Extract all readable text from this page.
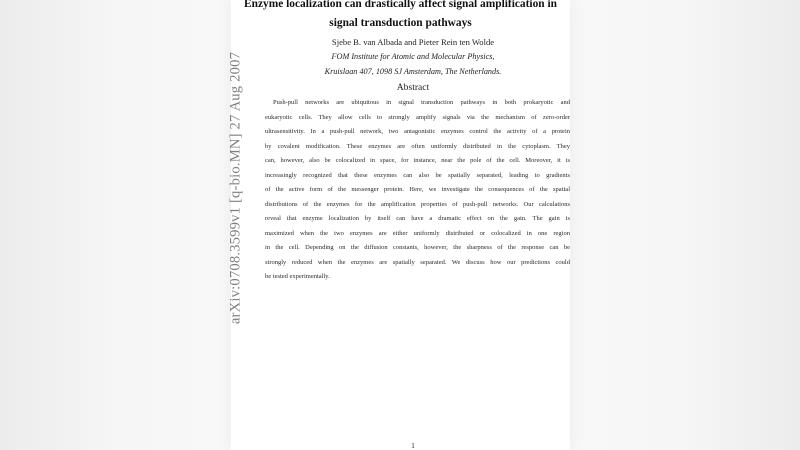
arXiv:0708.3599v1 [q-bio.MN] 27 Aug 2007
Enzyme localization can drastically affect signal amplification in
signal transduction pathways
Sjebe B. van Albada and Pieter Rein ten Wolde
FOM Institute for Atomic and Molecular Physics,
Kruislaan 407, 1098 SJ Amsterdam, The Netherlands.
Abstract
Push-pull networks are ubiquitous in signal transduction pathways in both prokaryotic and
eukaryotic cells. They allow cells to strongly amplify signals via the mechanism of zero-order
ultrasensitivity. In a push-pull network, two antagonistic enzymes control the activity of a protein
by covalent modification. These enzymes are often uniformly distributed in the cytoplasm. They
can, however, also be colocalized in space, for instance, near the pole of the cell. Moreover, it is
increasingly recognized that these enzymes can also be spatially separated, leading to gradients
of the active form of the messenger protein. Here, we investigate the consequences of the spatial
distributions of the enzymes for the amplification properties of push-pull networks. Our calculations
reveal that enzyme localization by itself can have a dramatic effect on the gain. The gain is
maximized when the two enzymes are either uniformly distributed or colocalized in one region
in the cell. Depending on the diffusion constants, however, the sharpness of the response can be
strongly reduced when the enzymes are spatially separated. We discuss how our predictions could
be tested experimentally.
1
